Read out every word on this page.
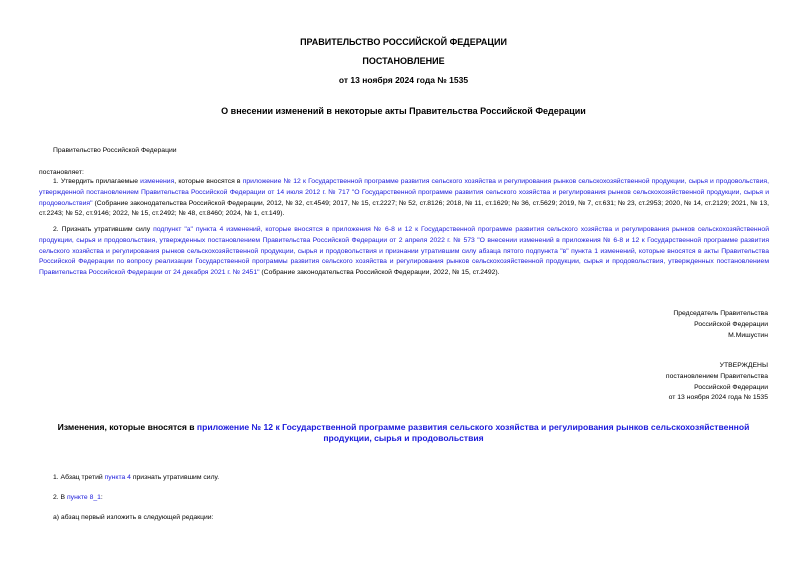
ПРАВИТЕЛЬСТВО РОССИЙСКОЙ ФЕДЕРАЦИИ
ПОСТАНОВЛЕНИЕ
от 13 ноября 2024 года № 1535
О внесении изменений в некоторые акты Правительства Российской Федерации
Правительство Российской Федерации
постановляет:
1. Утвердить прилагаемые изменения, которые вносятся в приложение № 12 к Государственной программе развития сельского хозяйства и регулирования рынков сельскохозяйственной продукции, сырья и продовольствия, утвержденной постановлением Правительства Российской Федерации от 14 июля 2012 г. № 717 "О Государственной программе развития сельского хозяйства и регулирования рынков сельскохозяйственной продукции, сырья и продовольствия" (Собрание законодательства Российской Федерации, 2012, № 32, ст.4549; 2017, № 15, ст.2227; № 52, ст.8126; 2018, № 11, ст.1629; № 36, ст.5629; 2019, № 7, ст.631; № 23, ст.2953; 2020, № 14, ст.2129; 2021, № 13, ст.2243; № 52, ст.9146; 2022, № 15, ст.2492; № 48, ст.8460; 2024, № 1, ст.149).
2. Признать утратившим силу подпункт "а" пункта 4 изменений, которые вносятся в приложения № 6-8 и 12 к Государственной программе развития сельского хозяйства и регулирования рынков сельскохозяйственной продукции, сырья и продовольствия, утвержденных постановлением Правительства Российской Федерации от 2 апреля 2022 г. № 573 "О внесении изменений в приложения № 6-8 и 12 к Государственной программе развития сельского хозяйства и регулирования рынков сельскохозяйственной продукции, сырья и продовольствия и признании утратившим силу абзаца пятого подпункта "в" пункта 1 изменений, которые вносятся в акты Правительства Российской Федерации по вопросу реализации Государственной программы развития сельского хозяйства и регулирования рынков сельскохозяйственной продукции, сырья и продовольствия, утвержденных постановлением Правительства Российской Федерации от 24 декабря 2021 г. № 2451" (Собрание законодательства Российской Федерации, 2022, № 15, ст.2492).
Председатель Правительства
Российской Федерации
М.Мишустин
УТВЕРЖДЕНЫ
постановлением Правительства
Российской Федерации
от 13 ноября 2024 года № 1535
Изменения, которые вносятся в приложение № 12 к Государственной программе развития сельского хозяйства и регулирования рынков сельскохозяйственной продукции, сырья и продовольствия
1. Абзац третий пункта 4 признать утратившим силу.
2. В пункте 8_1:
а) абзац первый изложить в следующей редакции:
